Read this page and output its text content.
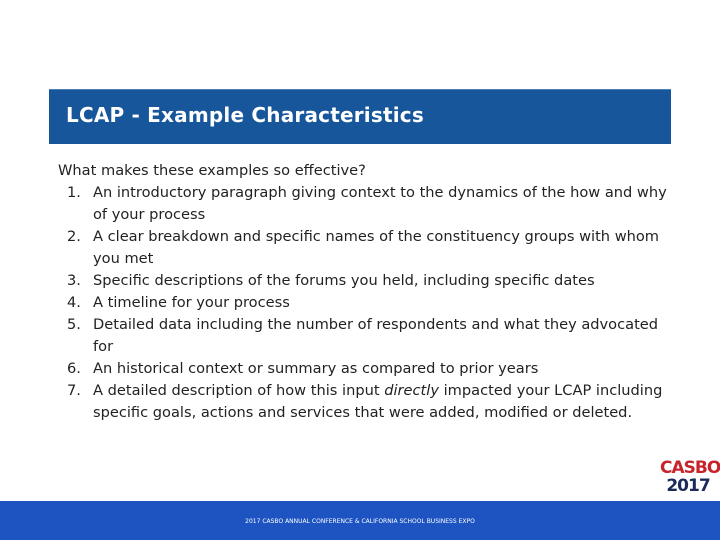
LCAP - Example Characteristics

What makes these examples so effective?

1. An introductory paragraph giving context to the dynamics of the how and why of your process
2. A clear breakdown and specific names of the constituency groups with whom you met
3. Specific descriptions of the forums you held, including specific dates
4. A timeline for your process
5. Detailed data including the number of respondents and what they advocated for
6. An historical context or summary as compared to prior years
7. A detailed description of how this input directly impacted your LCAP including specific goals, actions and services that were added, modified or deleted.
CASBO
2017
2017 CASBO ANNUAL CONFERENCE & CALIFORNIA SCHOOL BUSINESS EXPO
